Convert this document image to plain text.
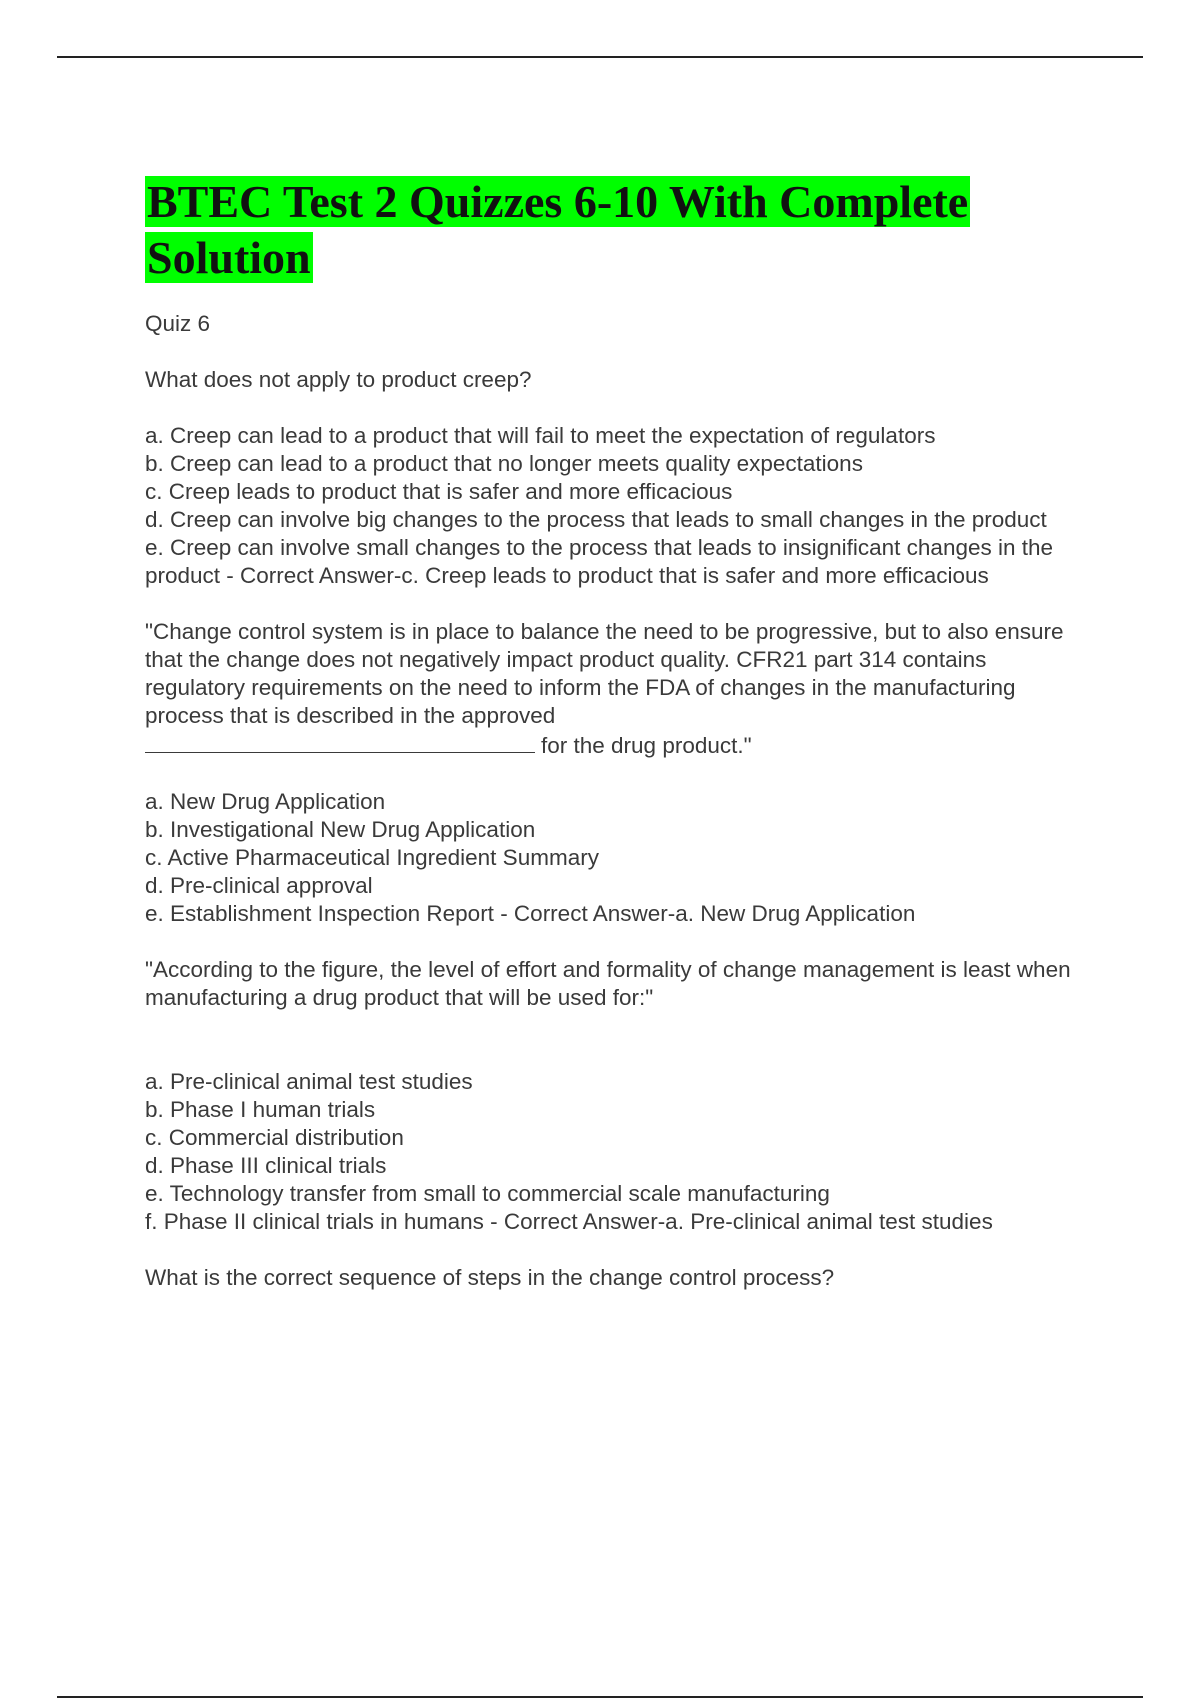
BTEC Test 2 Quizzes 6-10 With Complete Solution

Quiz 6

What does not apply to product creep?

a. Creep can lead to a product that will fail to meet the expectation of regulators

b. Creep can lead to a product that no longer meets quality expectations

c. Creep leads to product that is safer and more efficacious

d. Creep can involve big changes to the process that leads to small changes in the product

e. Creep can involve small changes to the process that leads to insignificant changes in the product - Correct Answer-c. Creep leads to product that is safer and more efficacious

"Change control system is in place to balance the need to be progressive, but to also ensure that the change does not negatively impact product quality. CFR21 part 314 contains regulatory requirements on the need to inform the FDA of changes in the manufacturing process that is described in the approved
for the drug product."

a. New Drug Application

b. Investigational New Drug Application

c. Active Pharmaceutical Ingredient Summary

d. Pre-clinical approval

e. Establishment Inspection Report - Correct Answer-a. New Drug Application

"According to the figure, the level of effort and formality of change management is least when manufacturing a drug product that will be used for:"

a. Pre-clinical animal test studies

b. Phase I human trials

c. Commercial distribution

d. Phase III clinical trials

e. Technology transfer from small to commercial scale manufacturing

f. Phase II clinical trials in humans - Correct Answer-a. Pre-clinical animal test studies

What is the correct sequence of steps in the change control process?
